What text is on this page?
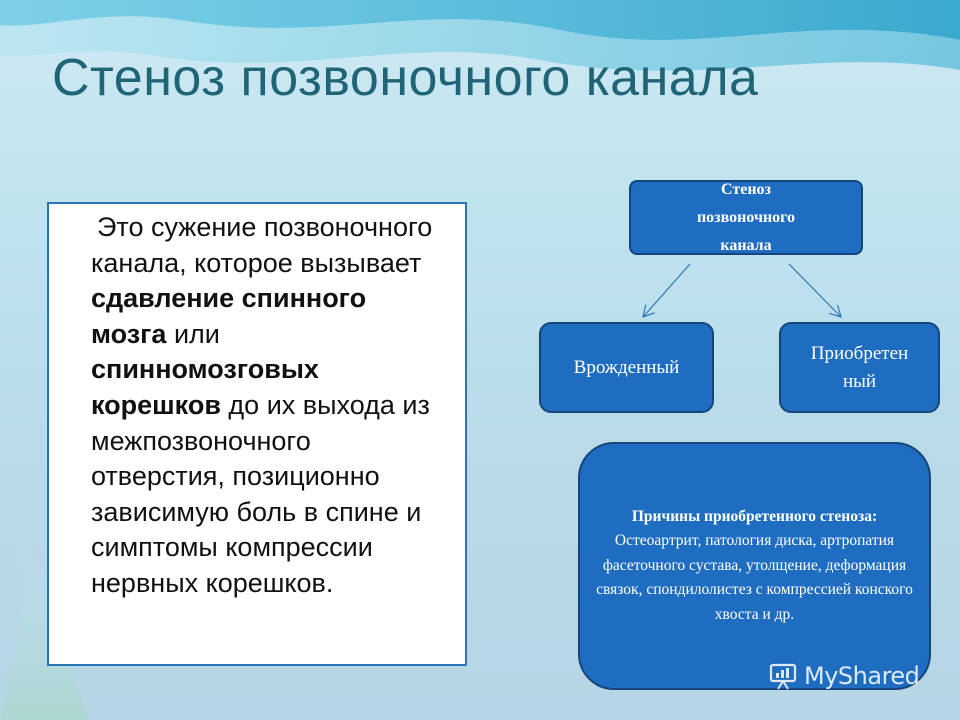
Стеноз позвоночного канала

Это сужение позвоночного канала, которое вызывает сдавление спинного мозга или спинномозговых корешков до их выхода из межпозвоночного отверстия, позиционно зависимую боль в спине и симптомы компрессии нервных корешков.

Стеноз
позвоночного
канала
Врожденный
Приобретен
ный
Причины приобретенного стеноза:
Остеоартрит, патология диска, артропатия фасеточного сустава, утолщение, деформация связок, спондилолистез с компрессией конского хвоста и др.
MyShared
